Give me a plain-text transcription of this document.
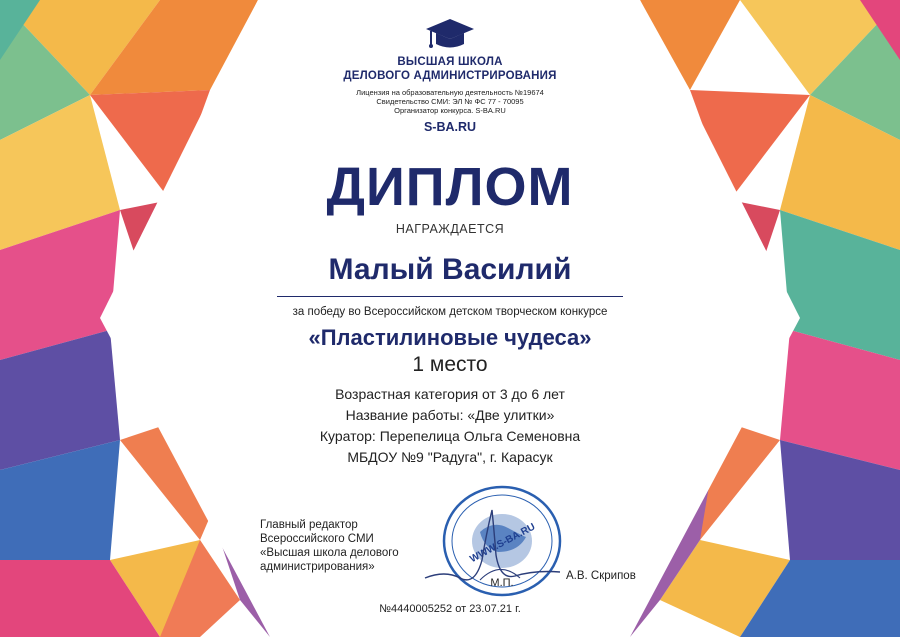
ВЫСШАЯ ШКОЛА
ДЕЛОВОГО АДМИНИСТРИРОВАНИЯ
Лицензия на образовательную деятельность №19674
Свидетельство СМИ: ЭЛ № ФС 77 - 70095
Организатор конкурса. S-BA.RU
S-BA.RU
ДИПЛОМ
НАГРАЖДАЕТСЯ
Малый Василий
за победу во Всероссийском детском творческом конкурсе
«Пластилиновые чудеса»
1 место
Возрастная категория от 3 до 6 лет
Название работы: «Две улитки»
Куратор: Перепелица Ольга Семеновна
МБДОУ №9 "Радуга", г. Карасук
Главный редактор
Всероссийского СМИ
«Высшая школа делового
администрирования»
WWW.S-BA.RU
М.П.
А.В. Скрипов
№4440005252 от 23.07.21 г.
